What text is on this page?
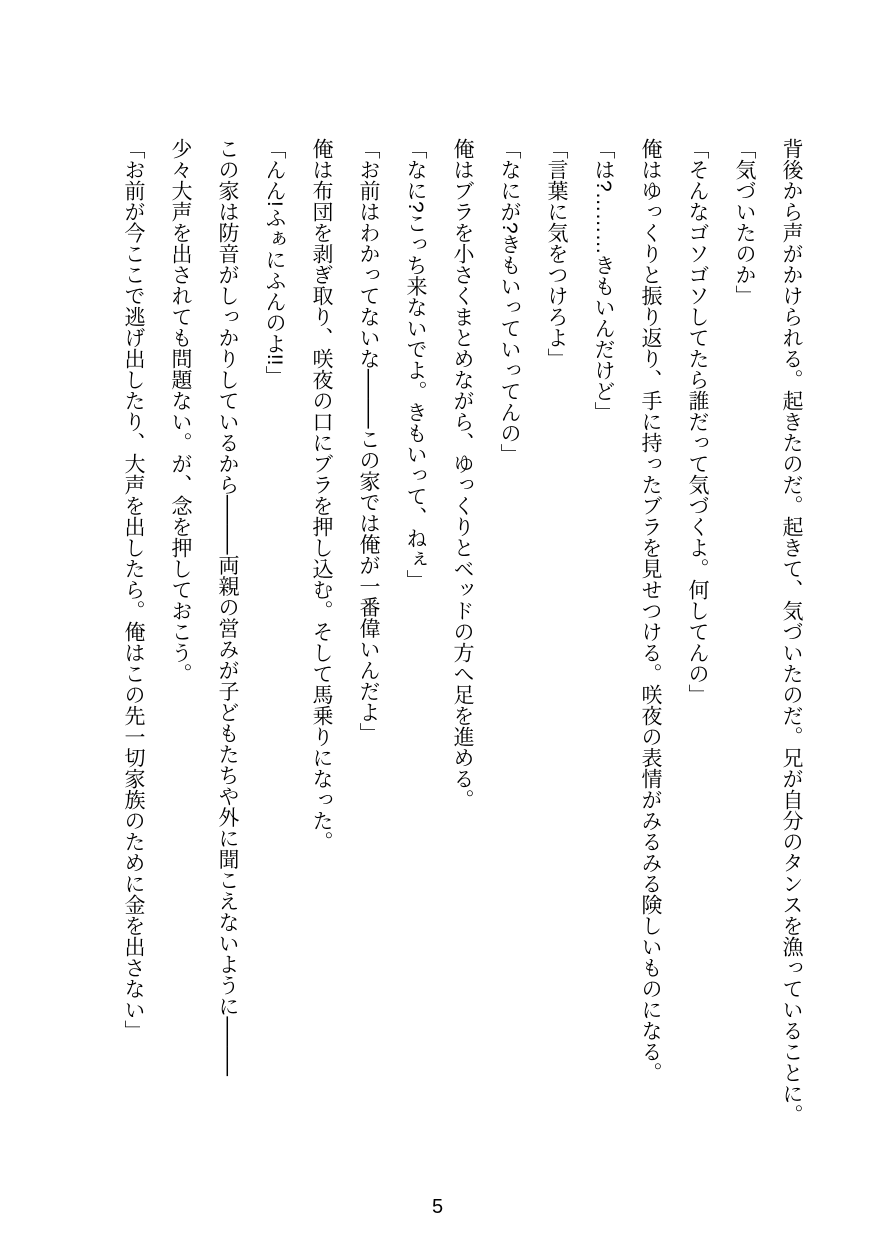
背後から声がかけられる。起きたのだ。起きて、気づいたのだ。兄が自分のタンスを漁っていることに。

「気づいたのか」

「そんなゴソゴソしてたら誰だって気づくよ。何してんの」

俺はゆっくりと振り返り、手に持ったブラを見せつける。咲夜の表情がみるみる険しいものになる。

「は?………きもいんだけど」

「言葉に気をつけろよ」

「なにが?きもいっていってんの」

俺はブラを小さくまとめながら、ゆっくりとベッドの方へ足を進める。

「なに?こっち来ないでよ。きもいって、ねぇ」

「お前はわかってないな────この家では俺が一番偉いんだよ」

俺は布団を剥ぎ取り、咲夜の口にブラを押し込む。そして馬乗りになった。

「んん!ふぁにふんのよ!!」

この家は防音がしっかりしているから────両親の営みが子どもたちや外に聞こえないように────

少々大声を出されても問題ない。が、念を押しておこう。

「お前が今ここで逃げ出したり、大声を出したら。俺はこの先一切家族のために金を出さない」

5
